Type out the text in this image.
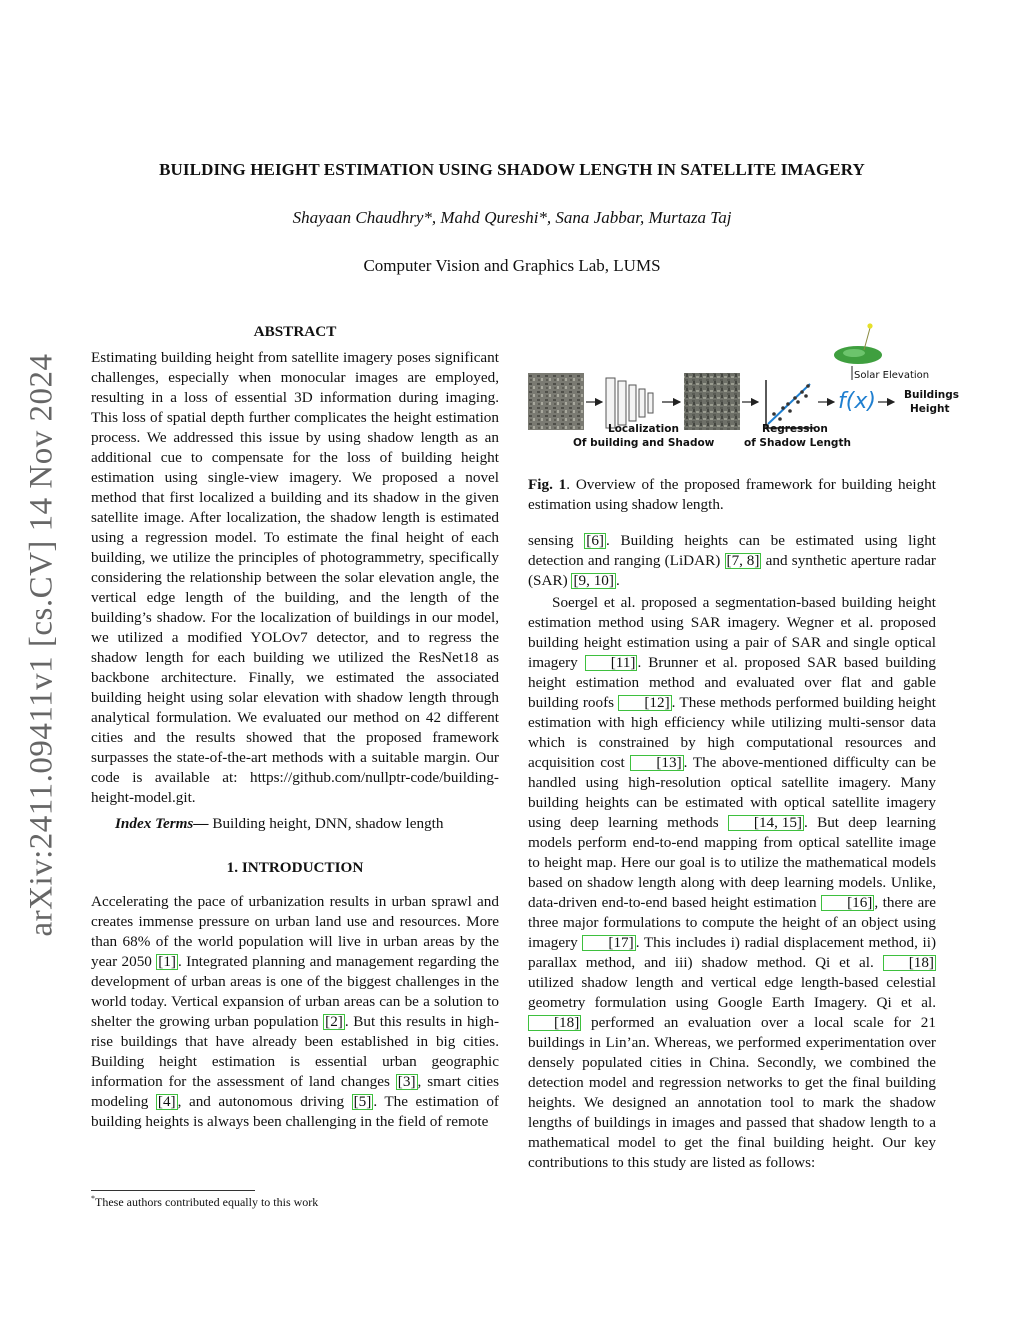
arXiv:2411.09411v1 [cs.CV] 14 Nov 2024
BUILDING HEIGHT ESTIMATION USING SHADOW LENGTH IN SATELLITE IMAGERY
Shayaan Chaudhry*, Mahd Qureshi*, Sana Jabbar, Murtaza Taj
Computer Vision and Graphics Lab, LUMS
ABSTRACT

Estimating building height from satellite imagery poses significant challenges, especially when monocular images are employed, resulting in a loss of essential 3D information during imaging. This loss of spatial depth further complicates the height estimation process. We addressed this issue by using shadow length as an additional cue to compensate for the loss of building height estimation using single-view imagery. We proposed a novel method that first localized a building and its shadow in the given satellite image. After localization, the shadow length is estimated using a regression model. To estimate the final height of each building, we utilize the principles of photogrammetry, specifically considering the relationship between the solar elevation angle, the vertical edge length of the building, and the length of the building’s shadow. For the localization of buildings in our model, we utilized a modified YOLOv7 detector, and to regress the shadow length for each building we utilized the ResNet18 as backbone architecture. Finally, we estimated the associated building height using solar elevation with shadow length through analytical formulation. We evaluated our method on 42 different cities and the results showed that the proposed framework surpasses the state-of-the-art methods with a suitable margin. Our code is available at: https://github.com/nullptr-code/building-height-model.git.

Index Terms— Building height, DNN, shadow length

1. INTRODUCTION

Accelerating the pace of urbanization results in urban sprawl and creates immense pressure on urban land use and resources. More than 68% of the world population will live in urban areas by the year 2050 [1] . Integrated planning and management regarding the development of urban areas is one of the biggest challenges in the world today. Vertical expansion of urban areas can be a solution to shelter the growing urban population [2] . But this results in high-rise buildings that have already been established in big cities. Building height estimation is essential urban geographic information for the assessment of land changes [3] , smart cities modeling [4] , and autonomous driving [5] . The estimation of building heights is always been challenging in the field of remote

*These authors contributed equally to this work
Solar Elevation
f(x)	Buildings
Height
Localization
Of building and Shadow
Regression
of Shadow Length

Fig. 1. Overview of the proposed framework for building height estimation using shadow length.

sensing [6] . Building heights can be estimated using light detection and ranging (LiDAR) [7, 8] and synthetic aperture radar (SAR) [9, 10] .

Soergel et al. proposed a segmentation-based building height estimation method using SAR imagery. Wegner et al. proposed building height estimation using a pair of SAR and single optical imagery [11] . Brunner et al. proposed SAR based building height estimation method and evaluated over flat and gable building roofs [12] . These methods performed building height estimation with high efficiency while utilizing multi-sensor data which is constrained by high computational resources and acquisition cost [13] . The above-mentioned difficulty can be handled using high-resolution optical satellite imagery. Many building heights can be estimated with optical satellite imagery using deep learning methods [14, 15] . But deep learning models perform end-to-end mapping from optical satellite image to height map. Here our goal is to utilize the mathematical models based on shadow length along with deep learning models. Unlike, data-driven end-to-end based height estimation [16] , there are three major formulations to compute the height of an object using imagery [17] . This includes i) radial displacement method, ii) parallax method, and iii) shadow method. Qi et al. [18] utilized shadow length and vertical edge length-based celestial geometry formulation using Google Earth Imagery. Qi et al. [18] performed an evaluation over a local scale for 21 buildings in Lin’an. Whereas, we performed experimentation over densely populated cities in China. Secondly, we combined the detection model and regression networks to get the final building heights. We designed an annotation tool to mark the shadow lengths of buildings in images and passed that shadow length to a mathematical model to get the final building height. Our key contributions to this study are listed as follows:
